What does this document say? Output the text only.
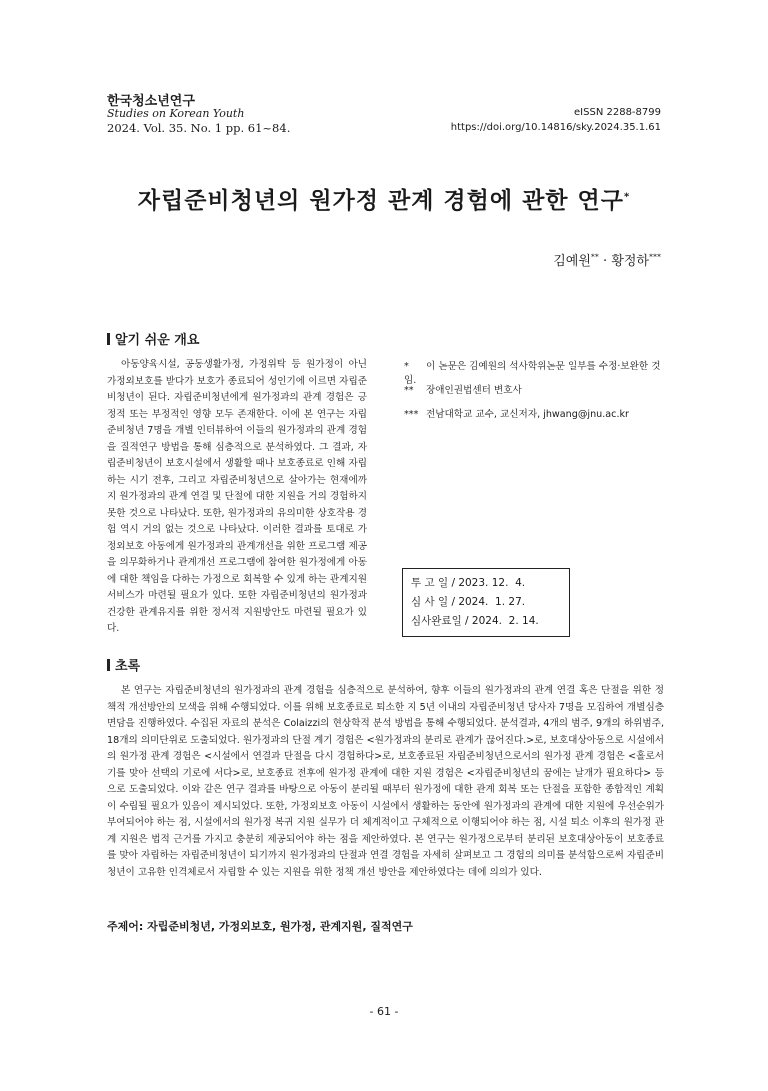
한국청소년연구
Studies on Korean Youth
2024. Vol. 35. No. 1 pp. 61~84.
eISSN 2288-8799
https://doi.org/10.14816/sky.2024.35.1.61
자립준비청년의 원가정 관계 경험에 관한 연구*
김예원** · 황정하***
알기 쉬운 개요

아동양육시설, 공동생활가정, 가정위탁 등 원가정이 아닌 가정외보호를 받다가 보호가 종료되어 성인기에 이르면 자립준비청년이 된다. 자립준비청년에게 원가정과의 관계 경험은 긍정적 또는 부정적인 영향 모두 존재한다. 이에 본 연구는 자립준비청년 7명을 개별 인터뷰하여 이들의 원가정과의 관계 경험을 질적연구 방법을 통해 심층적으로 분석하였다. 그 결과, 자립준비청년이 보호시설에서 생활할 때나 보호종료로 인해 자립하는 시기 전후, 그리고 자립준비청년으로 살아가는 현재에까지 원가정과의 관계 연결 및 단절에 대한 지원을 거의 경험하지 못한 것으로 나타났다. 또한, 원가정과의 유의미한 상호작용 경험 역시 거의 없는 것으로 나타났다. 이러한 결과를 토대로 가정외보호 아동에게 원가정과의 관계개선을 위한 프로그램 제공을 의무화하거나 관계개선 프로그램에 참여한 원가정에게 아동에 대한 책임을 다하는 가정으로 회복할 수 있게 하는 관계지원서비스가 마련될 필요가 있다. 또한 자립준비청년의 원가정과 건강한 관계유지를 위한 정서적 지원방안도 마련될 필요가 있다.

* 이 논문은 김예원의 석사학위논문 일부를 수정·보완한 것임.
** 장애인권법센터 변호사
*** 전남대학교 교수, 교신저자, jhwang@jnu.ac.kr
투 고 일 / 2023. 12.  4.
심 사 일 / 2024.  1. 27.
심사완료일 / 2024.  2. 14.
초록

본 연구는 자립준비청년의 원가정과의 관계 경험을 심층적으로 분석하여, 향후 이들의 원가정과의 관계 연결 혹은 단절을 위한 정책적 개선방안의 모색을 위해 수행되었다. 이를 위해 보호종료로 퇴소한 지 5년 이내의 자립준비청년 당사자 7명을 모집하여 개별심층면담을 진행하였다. 수집된 자료의 분석은 Colaizzi의 현상학적 분석 방법을 통해 수행되었다. 분석결과, 4개의 범주, 9개의 하위범주, 18개의 의미단위로 도출되었다. 원가정과의 단절 계기 경험은 <원가정과의 분리로 관계가 끊어진다.>로, 보호대상아동으로 시설에서의 원가정 관계 경험은 <시설에서 연결과 단절을 다시 경험하다>로, 보호종료된 자립준비청년으로서의 원가정 관계 경험은 <홀로서기를 맞아 선택의 기로에 서다>로, 보호종료 전후에 원가정 관계에 대한 지원 경험은 <자립준비청년의 꿈에는 날개가 필요하다> 등으로 도출되었다. 이와 같은 연구 결과를 바탕으로 아동이 분리될 때부터 원가정에 대한 관계 회복 또는 단절을 포함한 종합적인 계획이 수립될 필요가 있음이 제시되었다. 또한, 가정외보호 아동이 시설에서 생활하는 동안에 원가정과의 관계에 대한 지원에 우선순위가 부여되어야 하는 점, 시설에서의 원가정 복귀 지원 실무가 더 체계적이고 구체적으로 이행되어야 하는 점, 시설 퇴소 이후의 원가정 관계 지원은 법적 근거를 가지고 충분히 제공되어야 하는 점을 제안하였다. 본 연구는 원가정으로부터 분리된 보호대상아동이 보호종료를 맞아 자립하는 자립준비청년이 되기까지 원가정과의 단절과 연결 경험을 자세히 살펴보고 그 경험의 의미를 분석함으로써 자립준비청년이 고유한 인격체로서 자립할 수 있는 지원을 위한 정책 개선 방안을 제안하였다는 데에 의의가 있다.

주제어: 자립준비청년, 가정외보호, 원가정, 관계지원, 질적연구
- 61 -
